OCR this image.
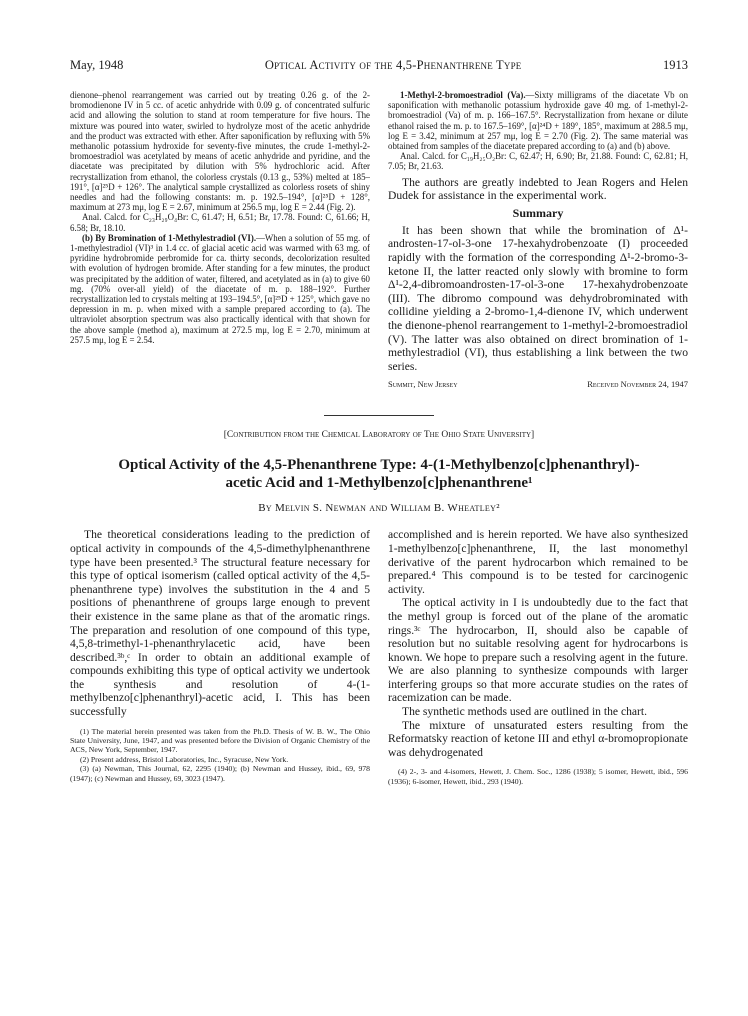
May, 1948	Optical Activity of the 4,5-Phenanthrene Type	1913

dienone–phenol rearrangement was carried out by treating 0.26 g. of the 2-bromodienone IV in 5 cc. of acetic anhydride with 0.09 g. of concentrated sulfuric acid and allowing the solution to stand at room temperature for five hours. The mixture was poured into water, swirled to hydrolyze most of the acetic anhydride and the product was extracted with ether. After saponification by refluxing with 5% methanolic potassium hydroxide for seventy-five minutes, the crude 1-methyl-2-bromoestradiol was acetylated by means of acetic anhydride and pyridine, and the diacetate was precipitated by dilution with 5% hydrochloric acid. After recrystallization from ethanol, the colorless crystals (0.13 g., 53%) melted at 185–191°, [α]²⁵D + 126°. The analytical sample crystallized as colorless rosets of shiny needles and had the following constants: m. p. 192.5–194°, [α]²⁵D + 128°, maximum at 273 mμ, log E = 2.67, minimum at 256.5 mμ, log E = 2.44 (Fig. 2).

Anal. Calcd. for C₂₃H₂₉O₄Br: C, 61.47; H, 6.51; Br, 17.78. Found: C, 61.66; H, 6.58; Br, 18.10.

(b) By Bromination of 1-Methylestradiol (VI).—When a solution of 55 mg. of 1-methylestradiol (VI)³ in 1.4 cc. of glacial acetic acid was warmed with 63 mg. of pyridine hydrobromide perbromide for ca. thirty seconds, decolorization resulted with evolution of hydrogen bromide. After standing for a few minutes, the product was precipitated by the addition of water, filtered, and acetylated as in (a) to give 60 mg. (70% over-all yield) of the diacetate of m. p. 188–192°. Further recrystallization led to crystals melting at 193–194.5°, [α]²⁵D + 125°, which gave no depression in m. p. when mixed with a sample prepared according to (a). The ultraviolet absorption spectrum was also practically identical with that shown for the above sample (method a), maximum at 272.5 mμ, log E = 2.70, minimum at 257.5 mμ, log E = 2.54.

1-Methyl-2-bromoestradiol (Va).—Sixty milligrams of the diacetate Vb on saponification with methanolic potassium hydroxide gave 40 mg. of 1-methyl-2-bromoestradiol (Va) of m. p. 166–167.5°. Recrystallization from hexane or dilute ethanol raised the m. p. to 167.5–169°, [α]²⁴D + 189°, 185°, maximum at 288.5 mμ, log E = 3.42, minimum at 257 mμ, log E = 2.70 (Fig. 2). The same material was obtained from samples of the diacetate prepared according to (a) and (b) above.

Anal. Calcd. for C₁₉H₂₅O₂Br: C, 62.47; H, 6.90; Br, 21.88. Found: C, 62.81; H, 7.05; Br, 21.63.

The authors are greatly indebted to Jean Rogers and Helen Dudek for assistance in the experimental work.

Summary

It has been shown that while the bromination of Δ¹-androsten-17-ol-3-one 17-hexahydrobenzoate (I) proceeded rapidly with the formation of the corresponding Δ¹-2-bromo-3-ketone II, the latter reacted only slowly with bromine to form Δ¹-2,4-dibromoandrosten-17-ol-3-one 17-hexahydrobenzoate (III). The dibromo compound was dehydrobrominated with collidine yielding a 2-bromo-1,4-dienone IV, which underwent the dienone-phenol rearrangement to 1-methyl-2-bromoestradiol (V). The latter was also obtained on direct bromination of 1-methylestradiol (VI), thus establishing a link between the two series.

Summit, New Jersey	Received November 24, 1947
[Contribution from the Chemical Laboratory of The Ohio State University]
Optical Activity of the 4,5-Phenanthrene Type: 4-(1-Methylbenzo[c]phenanthryl)-
acetic Acid and 1-Methylbenzo[c]phenanthrene¹
By Melvin S. Newman and William B. Wheatley²

The theoretical considerations leading to the prediction of optical activity in compounds of the 4,5-dimethylphenanthrene type have been presented.³ The structural feature necessary for this type of optical isomerism (called optical activity of the 4,5-phenanthrene type) involves the substitution in the 4 and 5 positions of phenanthrene of groups large enough to prevent their existence in the same plane as that of the aromatic rings. The preparation and resolution of one compound of this type, 4,5,8-trimethyl-1-phenanthrylacetic acid, have been described.³ᵇ,ᶜ In order to obtain an additional example of compounds exhibiting this type of optical activity we undertook the synthesis and resolution of 4-(1-methylbenzo[c]phenanthryl)-acetic acid, I. This has been successfully

(1) The material herein presented was taken from the Ph.D. Thesis of W. B. W., The Ohio State University, June, 1947, and was presented before the Division of Organic Chemistry of the ACS, New York, September, 1947.

(2) Present address, Bristol Laboratories, Inc., Syracuse, New York.

(3) (a) Newman, This Journal, 62, 2295 (1940); (b) Newman and Hussey, ibid., 69, 978 (1947); (c) Newman and Hussey, 69, 3023 (1947).

accomplished and is herein reported. We have also synthesized 1-methylbenzo[c]phenanthrene, II, the last monomethyl derivative of the parent hydrocarbon which remained to be prepared.⁴ This compound is to be tested for carcinogenic activity.

The optical activity in I is undoubtedly due to the fact that the methyl group is forced out of the plane of the aromatic rings.³ᶜ The hydrocarbon, II, should also be capable of resolution but no suitable resolving agent for hydrocarbons is known. We hope to prepare such a resolving agent in the future. We are also planning to synthesize compounds with larger interfering groups so that more accurate studies on the rates of racemization can be made.

The synthetic methods used are outlined in the chart.

The mixture of unsaturated esters resulting from the Reformatsky reaction of ketone III and ethyl α-bromopropionate was dehydrogenated

(4) 2-, 3- and 4-isomers, Hewett, J. Chem. Soc., 1286 (1938); 5 isomer, Hewett, ibid., 596 (1936); 6-isomer, Hewett, ibid., 293 (1940).
